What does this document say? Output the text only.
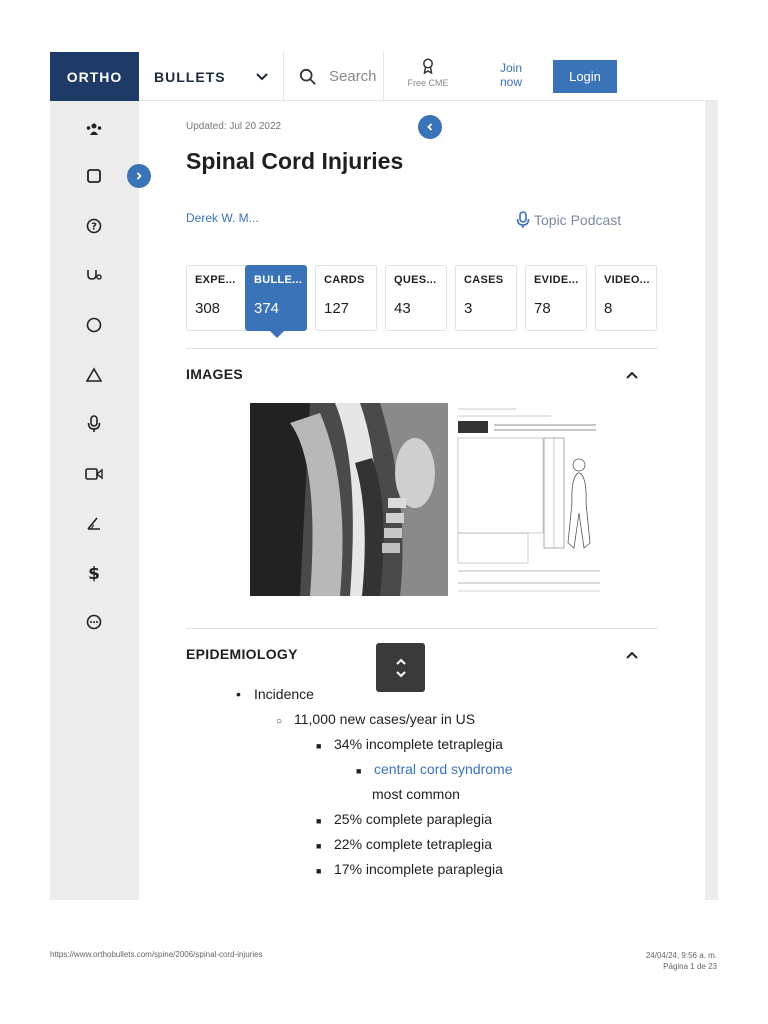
ORTHO	BULLETS	Search	Free CME
Join now	Login
?
$
Updated: Jul 20 2022
Spinal Cord Injuries
Derek W. M...	Topic Podcast
EXPE...
308
BULLE...
374
CARDS
127
QUES...
43
CASES
3
EVIDE...
78
VIDEO...
8
IMAGES
EPIDEMIOLOGY
• Incidence
○ 11,000 new cases/year in US
■ 34% incomplete tetraplegia
■ central cord syndrome
most common
■ 25% complete paraplegia
■ 22% complete tetraplegia
■ 17% incomplete paraplegia
https://www.orthobullets.com/spine/2006/spinal-cord-injuries	24/04/24, 9:56 a. m.
Página 1 de 23
